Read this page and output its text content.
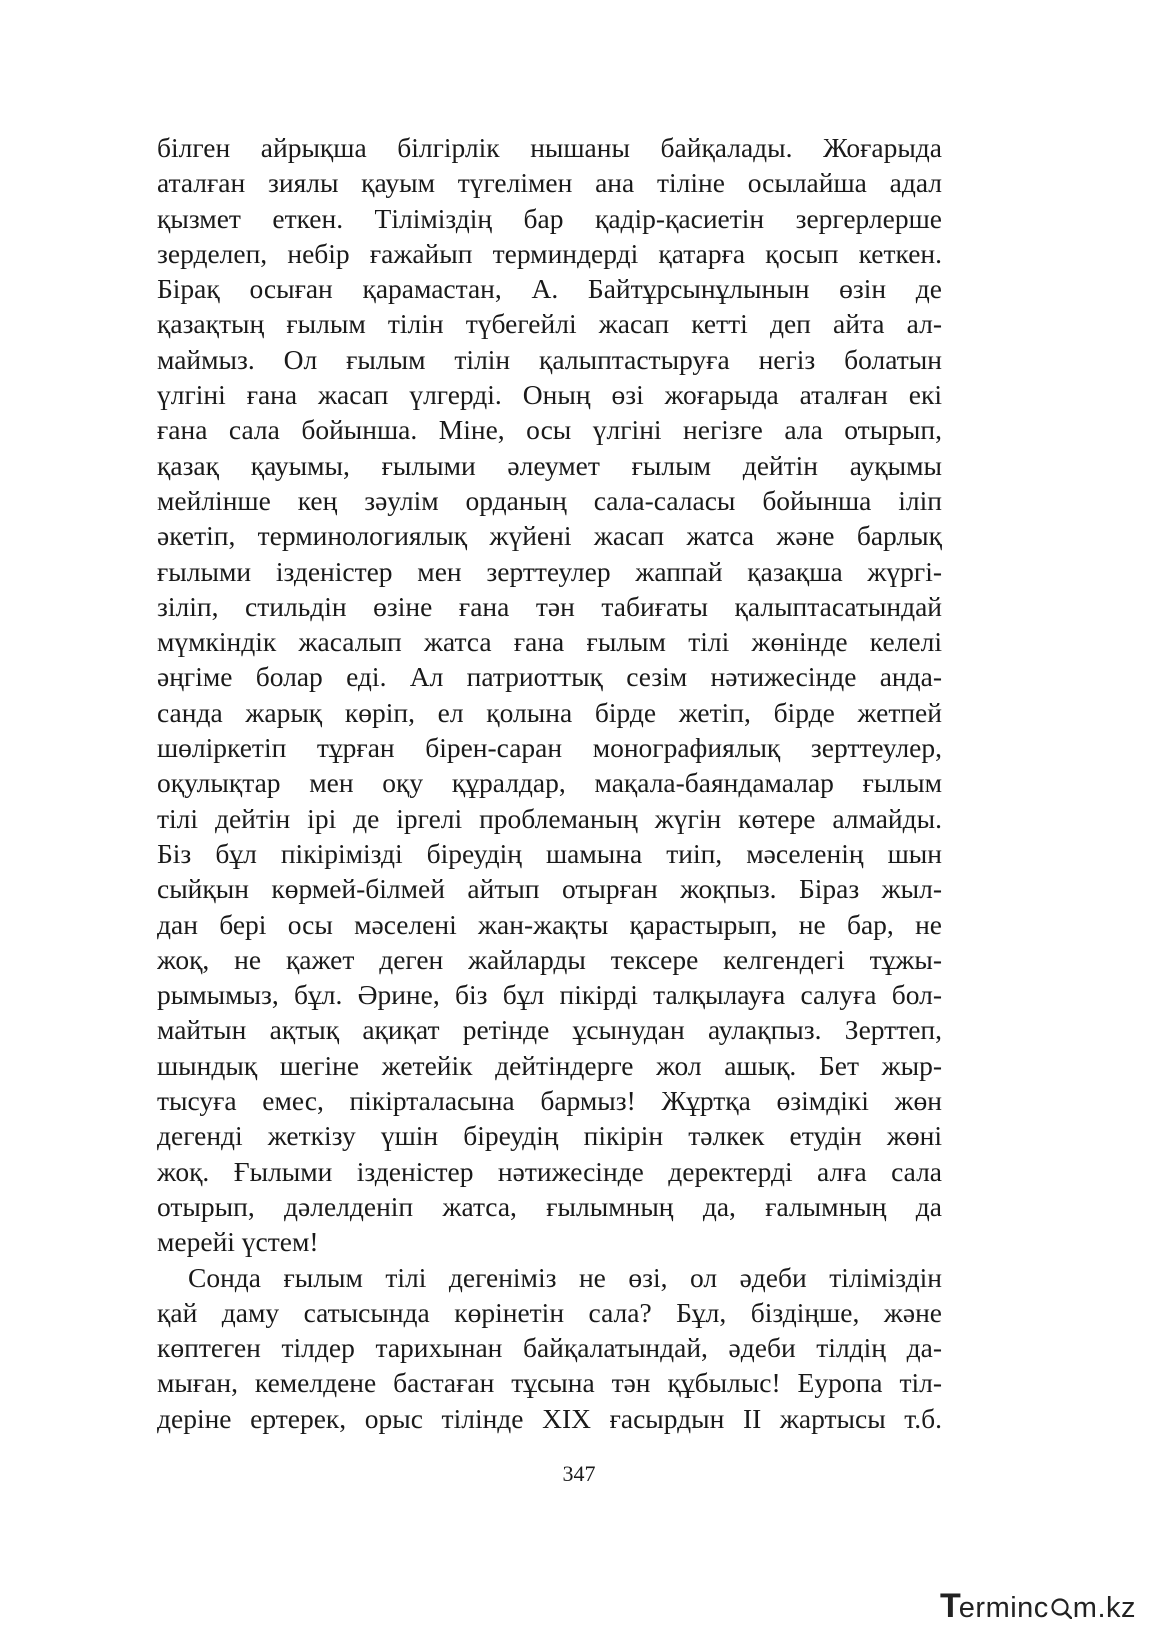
білген айрықша білгірлік нышаны байқалады. Жоғарыда
аталған зиялы қауым түгелімен ана тіліне осылайша адал
қызмет еткен. Тіліміздің бар қадір-қасиетін зергерлерше
зерделеп, небір ғажайып терминдерді қатарға қосып кеткен.
Бірақ осыған қарамастан, А. Байтұрсынұлынын өзін де
қазақтың ғылым тілін түбегейлі жасап кетті деп айта ал-
маймыз. Ол ғылым тілін қалыптастыруға негіз болатын
үлгіні ғана жасап үлгерді. Оның өзі жоғарыда аталған екі
ғана сала бойынша. Міне, осы үлгіні негізге ала отырып,
қазақ қауымы, ғылыми әлеумет ғылым дейтін ауқымы
мейлінше кең зәулім орданың сала-саласы бойынша іліп
әкетіп, терминологиялық жүйені жасап жатса және барлық
ғылыми ізденістер мен зерттеулер жаппай қазақша жүргі-
зіліп, стильдін өзіне ғана тән табиғаты қалыптасатындай
мүмкіндік жасалып жатса ғана ғылым тілі жөнінде келелі
әңгіме болар еді. Ал патриоттық сезім нәтижесінде анда-
санда жарық көріп, ел қолына бірде жетіп, бірде жетпей
шөліркетіп тұрған бірен-саран монографиялық зерттеулер,
оқулықтар мен оқу құралдар, мақала-баяндамалар ғылым
тілі дейтін ірі де іргелі проблеманың жүгін көтере алмайды.
Біз бұл пікірімізді біреудің шамына тиіп, мәселенің шын
сыйқын көрмей-білмей айтып отырған жоқпыз. Біраз жыл-
дан бері осы мәселені жан-жақты қарастырып, не бар, не
жоқ, не қажет деген жайларды тексере келгендегі тұжы-
рымымыз, бұл. Әрине, біз бұл пікірді талқылауға салуға бол-
майтын ақтық ақиқат ретінде ұсынудан аулақпыз. Зерттеп,
шындық шегіне жетейік дейтіндерге жол ашық. Бет жыр-
тысуға емес, пікірталасына бармыз! Жұртқа өзімдікі жөн
дегенді жеткізу үшін біреудің пікірін тәлкек етудін жөні
жоқ. Ғылыми ізденістер нәтижесінде деректерді алға сала
отырып, дәлелденіп жатса, ғылымның да, ғалымның да
мерейі үстем!
Сонда ғылым тілі дегеніміз не өзі, ол әдеби тіліміздін
қай даму сатысында көрінетін сала? Бұл, біздіңше, және
көптеген тілдер тарихынан байқалатындай, әдеби тілдің да-
мыған, кемелдене бастаған тұсына тән құбылыс! Еуропа тіл-
деріне ертерек, орыс тілінде XIX ғасырдын II жартысы т.б.
347
Terminc m.kz
